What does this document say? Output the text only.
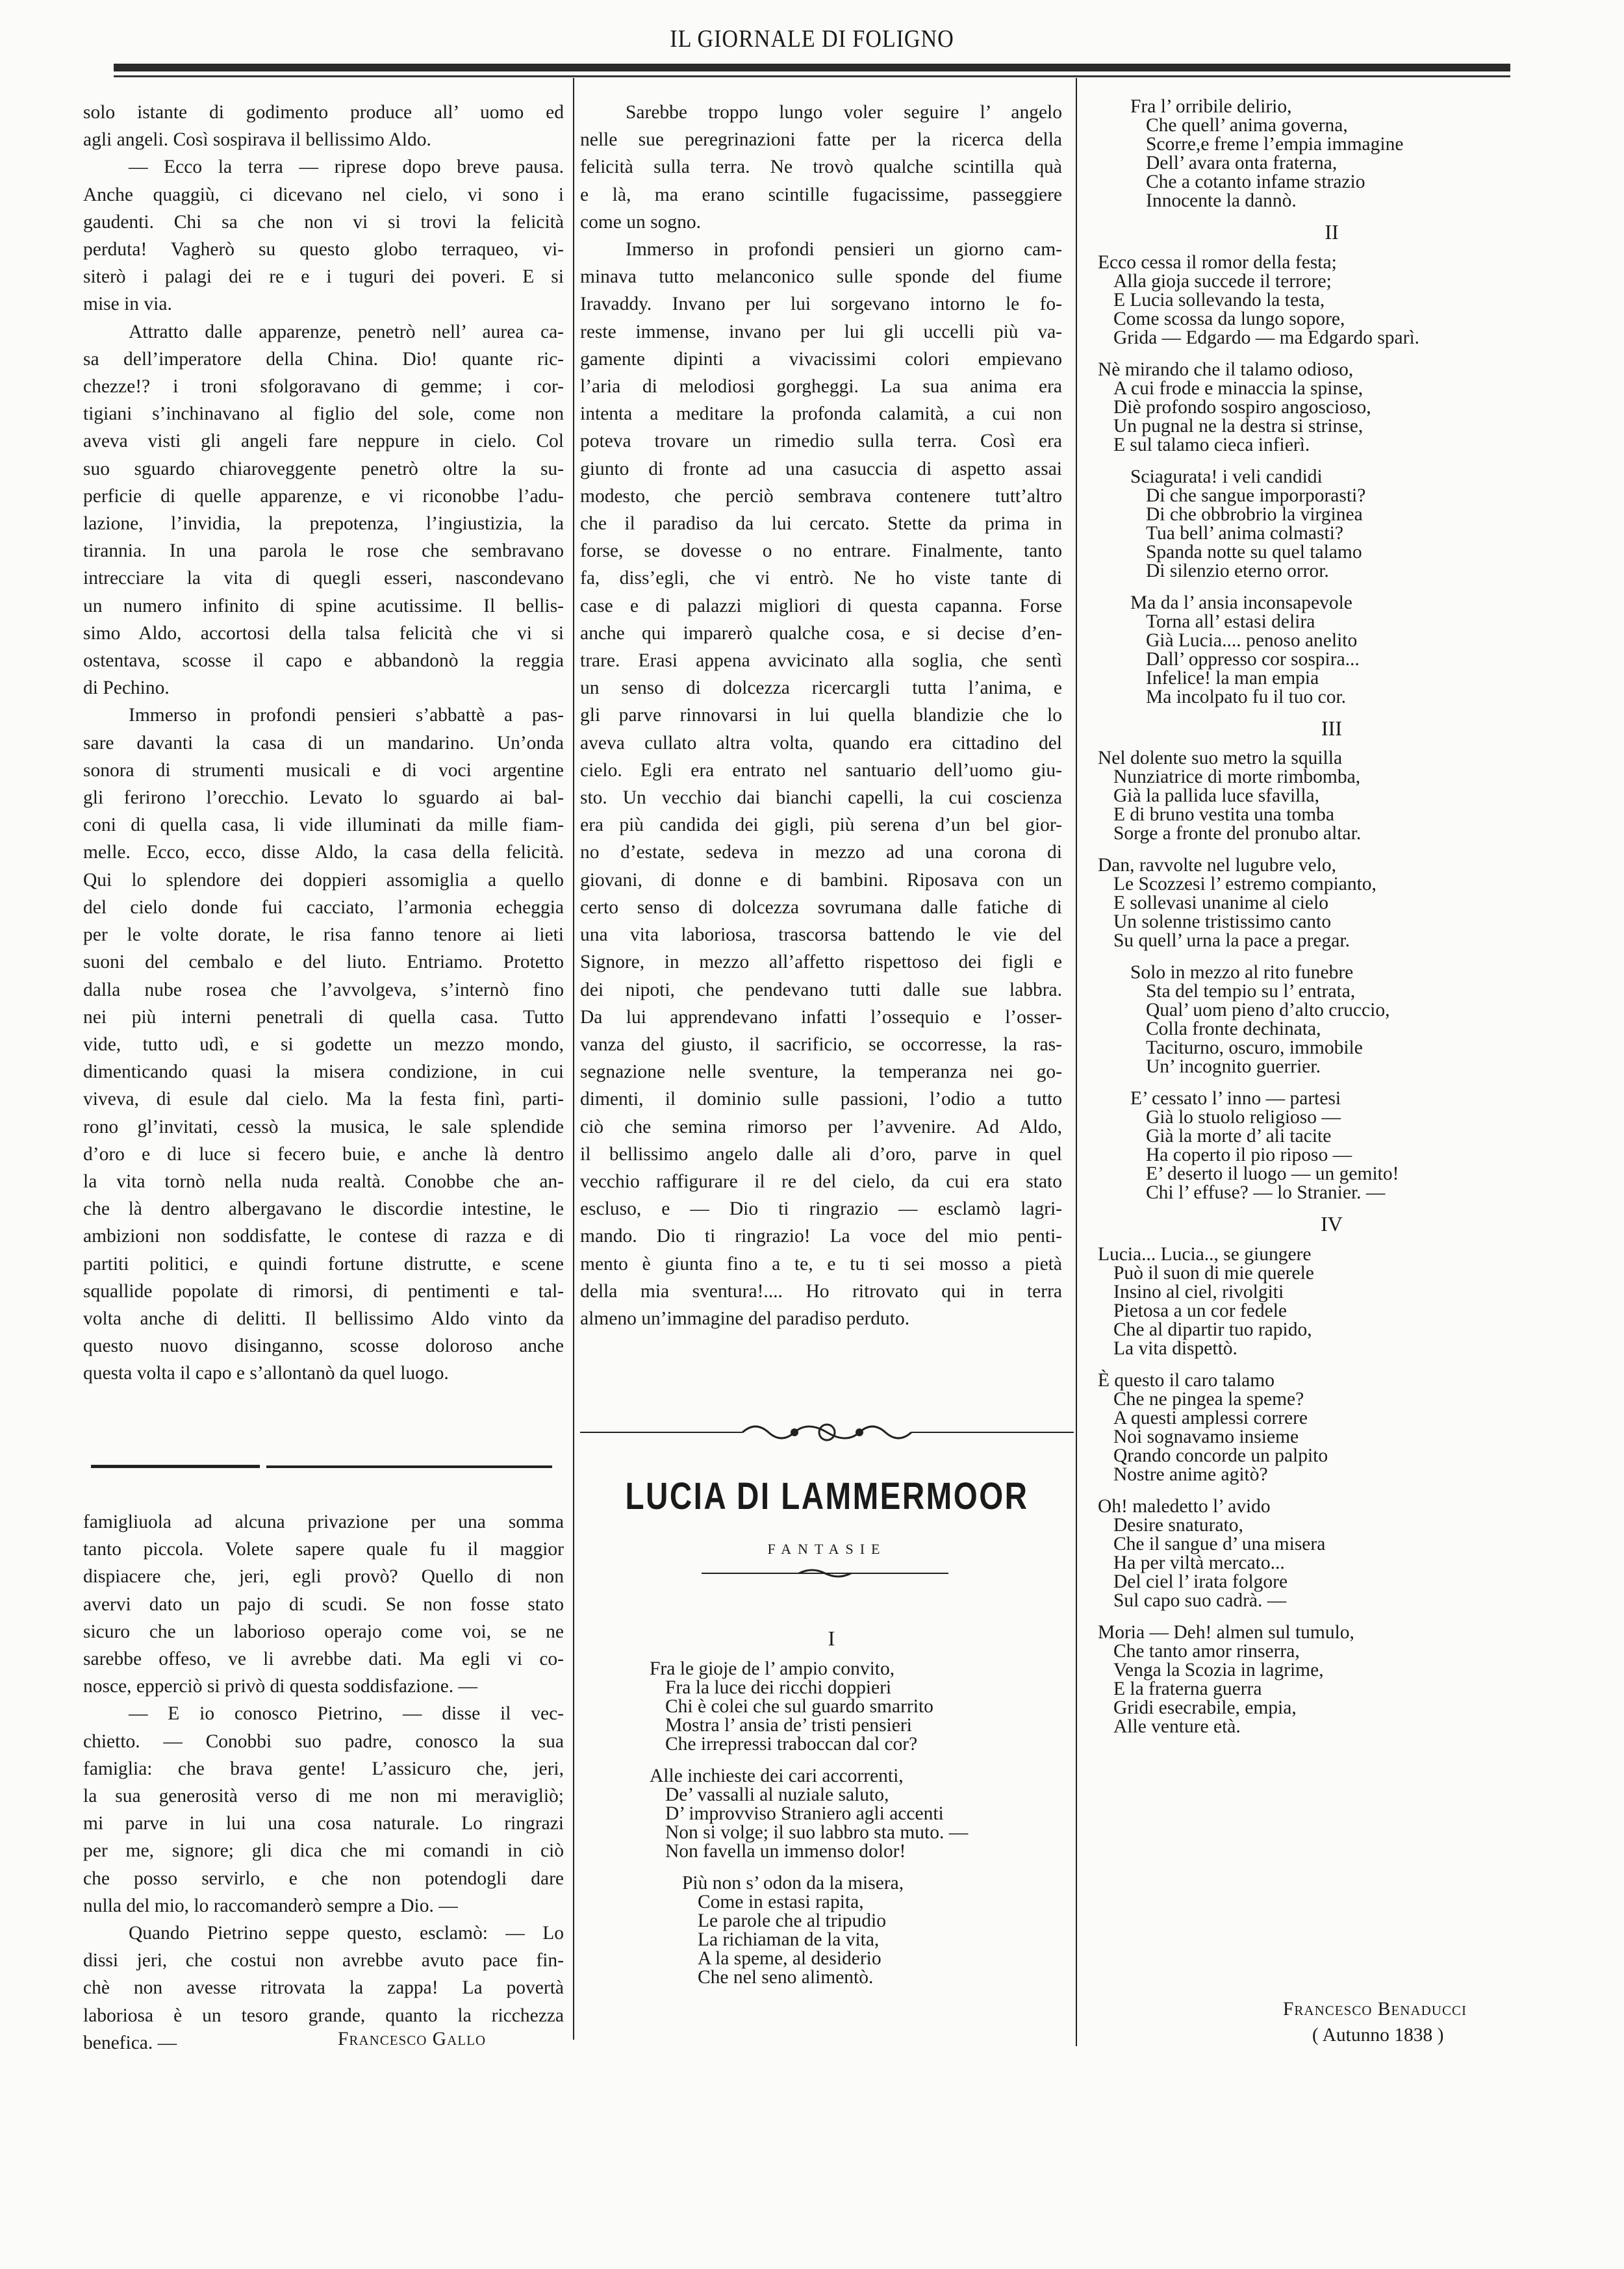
IL GIORNALE DI FOLIGNO
solo istante di godimento produce all’ uomo ed
agli angeli. Così sospirava il bellissimo Aldo.
— Ecco la terra — riprese dopo breve pausa.
Anche quaggiù, ci dicevano nel cielo, vi sono i
gaudenti. Chi sa che non vi si trovi la felicità
perduta! Vagherò su questo globo terraqueo, vi-
siterò i palagi dei re e i tuguri dei poveri. E si
mise in via.
Attratto dalle apparenze, penetrò nell’ aurea ca-
sa dell’imperatore della China. Dio! quante ric-
chezze!? i troni sfolgoravano di gemme; i cor-
tigiani s’inchinavano al figlio del sole, come non
aveva visti gli angeli fare neppure in cielo. Col
suo sguardo chiaroveggente penetrò oltre la su-
perficie di quelle apparenze, e vi riconobbe l’adu-
lazione, l’invidia, la prepotenza, l’ingiustizia, la
tirannia. In una parola le rose che sembravano
intrecciare la vita di quegli esseri, nascondevano
un numero infinito di spine acutissime. Il bellis-
simo Aldo, accortosi della talsa felicità che vi si
ostentava, scosse il capo e abbandonò la reggia
di Pechino.
Immerso in profondi pensieri s’abbattè a pas-
sare davanti la casa di un mandarino. Un’onda
sonora di strumenti musicali e di voci argentine
gli ferirono l’orecchio. Levato lo sguardo ai bal-
coni di quella casa, li vide illuminati da mille fiam-
melle. Ecco, ecco, disse Aldo, la casa della felicità.
Qui lo splendore dei doppieri assomiglia a quello
del cielo donde fui cacciato, l’armonia echeggia
per le volte dorate, le risa fanno tenore ai lieti
suoni del cembalo e del liuto. Entriamo. Protetto
dalla nube rosea che l’avvolgeva, s’internò fino
nei più interni penetrali di quella casa. Tutto
vide, tutto udì, e si godette un mezzo mondo,
dimenticando quasi la misera condizione, in cui
viveva, di esule dal cielo. Ma la festa finì, parti-
rono gl’invitati, cessò la musica, le sale splendide
d’oro e di luce si fecero buie, e anche là dentro
la vita tornò nella nuda realtà. Conobbe che an-
che là dentro albergavano le discordie intestine, le
ambizioni non soddisfatte, le contese di razza e di
partiti politici, e quindi fortune distrutte, e scene
squallide popolate di rimorsi, di pentimenti e tal-
volta anche di delitti. Il bellissimo Aldo vinto da
questo nuovo disinganno, scosse doloroso anche
questa volta il capo e s’allontanò da quel luogo.
famigliuola ad alcuna privazione per una somma
tanto piccola. Volete sapere quale fu il maggior
dispiacere che, jeri, egli provò? Quello di non
avervi dato un pajo di scudi. Se non fosse stato
sicuro che un laborioso operajo come voi, se ne
sarebbe offeso, ve li avrebbe dati. Ma egli vi co-
nosce, epperciò si privò di questa soddisfazione. —
— E io conosco Pietrino, — disse il vec-
chietto. — Conobbi suo padre, conosco la sua
famiglia: che brava gente! L’assicuro che, jeri,
la sua generosità verso di me non mi meravigliò;
mi parve in lui una cosa naturale. Lo ringrazi
per me, signore; gli dica che mi comandi in ciò
che posso servirlo, e che non potendogli dare
nulla del mio, lo raccomanderò sempre a Dio. —
Quando Pietrino seppe questo, esclamò: — Lo
dissi jeri, che costui non avrebbe avuto pace fin-
chè non avesse ritrovata la zappa! La povertà
laboriosa è un tesoro grande, quanto la ricchezza
benefica. —	Francesco Gallo
Sarebbe troppo lungo voler seguire l’ angelo
nelle sue peregrinazioni fatte per la ricerca della
felicità sulla terra. Ne trovò qualche scintilla quà
e là, ma erano scintille fugacissime, passeggiere
come un sogno.
Immerso in profondi pensieri un giorno cam-
minava tutto melanconico sulle sponde del fiume
Iravaddy. Invano per lui sorgevano intorno le fo-
reste immense, invano per lui gli uccelli più va-
gamente dipinti a vivacissimi colori empievano
l’aria di melodiosi gorgheggi. La sua anima era
intenta a meditare la profonda calamità, a cui non
poteva trovare un rimedio sulla terra. Così era
giunto di fronte ad una casuccia di aspetto assai
modesto, che perciò sembrava contenere tutt’altro
che il paradiso da lui cercato. Stette da prima in
forse, se dovesse o no entrare. Finalmente, tanto
fa, diss’egli, che vi entrò. Ne ho viste tante di
case e di palazzi migliori di questa capanna. Forse
anche qui imparerò qualche cosa, e si decise d’en-
trare. Erasi appena avvicinato alla soglia, che sentì
un senso di dolcezza ricercargli tutta l’anima, e
gli parve rinnovarsi in lui quella blandizie che lo
aveva cullato altra volta, quando era cittadino del
cielo. Egli era entrato nel santuario dell’uomo giu-
sto. Un vecchio dai bianchi capelli, la cui coscienza
era più candida dei gigli, più serena d’un bel gior-
no d’estate, sedeva in mezzo ad una corona di
giovani, di donne e di bambini. Riposava con un
certo senso di dolcezza sovrumana dalle fatiche di
una vita laboriosa, trascorsa battendo le vie del
Signore, in mezzo all’affetto rispettoso dei figli e
dei nipoti, che pendevano tutti dalle sue labbra.
Da lui apprendevano infatti l’ossequio e l’osser-
vanza del giusto, il sacrificio, se occorresse, la ras-
segnazione nelle sventure, la temperanza nei go-
dimenti, il dominio sulle passioni, l’odio a tutto
ciò che semina rimorso per l’avvenire. Ad Aldo,
il bellissimo angelo dalle ali d’oro, parve in quel
vecchio raffigurare il re del cielo, da cui era stato
escluso, e — Dio ti ringrazio — esclamò lagri-
mando. Dio ti ringrazio! La voce del mio penti-
mento è giunta fino a te, e tu ti sei mosso a pietà
della mia sventura!.... Ho ritrovato qui in terra
almeno un’immagine del paradiso perduto.
LUCIA DI LAMMERMOOR
FANTASIE
I
Fra le gioje de l’ ampio convito,
Fra la luce dei ricchi doppieri
Chi è colei che sul guardo smarrito
Mostra l’ ansia de’ tristi pensieri
Che irrepressi traboccan dal cor?
Alle inchieste dei cari accorrenti,
De’ vassalli al nuziale saluto,
D’ improvviso Straniero agli accenti
Non si volge; il suo labbro sta muto. —
Non favella un immenso dolor!
Più non s’ odon da la misera,
Come in estasi rapita,
Le parole che al tripudio
La richiaman de la vita,
A la speme, al desiderio
Che nel seno alimentò.
Fra l’ orribile delirio,
Che quell’ anima governa,
Scorre,e freme l’empia immagine
Dell’ avara onta fraterna,
Che a cotanto infame strazio
Innocente la dannò.
II
Ecco cessa il romor della festa;
Alla gioja succede il terrore;
E Lucia sollevando la testa,
Come scossa da lungo sopore,
Grida — Edgardo — ma Edgardo sparì.
Nè mirando che il talamo odioso,
A cui frode e minaccia la spinse,
Diè profondo sospiro angoscioso,
Un pugnal ne la destra si strinse,
E sul talamo cieca infierì.
Sciagurata! i veli candidi
Di che sangue imporporasti?
Di che obbrobrio la virginea
Tua bell’ anima colmasti?
Spanda notte su quel talamo
Di silenzio eterno orror.
Ma da l’ ansia inconsapevole
Torna all’ estasi delira
Già Lucia.... penoso anelito
Dall’ oppresso cor sospira...
Infelice! la man empia
Ma incolpato fu il tuo cor.
III
Nel dolente suo metro la squilla
Nunziatrice di morte rimbomba,
Già la pallida luce sfavilla,
E di bruno vestita una tomba
Sorge a fronte del pronubo altar.
Dan, ravvolte nel lugubre velo,
Le Scozzesi l’ estremo compianto,
E sollevasi unanime al cielo
Un solenne tristissimo canto
Su quell’ urna la pace a pregar.
Solo in mezzo al rito funebre
Sta del tempio su l’ entrata,
Qual’ uom pieno d’alto cruccio,
Colla fronte dechinata,
Taciturno, oscuro, immobile
Un’ incognito guerrier.
E’ cessato l’ inno — partesi
Già lo stuolo religioso —
Già la morte d’ ali tacite
Ha coperto il pio riposo —
E’ deserto il luogo — un gemito!
Chi l’ effuse? — lo Stranier. —
IV
Lucia... Lucia.., se giungere
Può il suon di mie querele
Insino al ciel, rivolgiti
Pietosa a un cor fedele
Che al dipartir tuo rapido,
La vita dispettò.
È questo il caro talamo
Che ne pingea la speme?
A questi amplessi correre
Noi sognavamo insieme
Qrando concorde un palpito
Nostre anime agitò?
Oh! maledetto l’ avido
Desire snaturato,
Che il sangue d’ una misera
Ha per viltà mercato...
Del ciel l’ irata folgore
Sul capo suo cadrà. —
Moria — Deh! almen sul tumulo,
Che tanto amor rinserra,
Venga la Scozia in lagrime,
E la fraterna guerra
Gridi esecrabile, empia,
Alle venture età.
Francesco Benaducci
( Autunno 1838 )
